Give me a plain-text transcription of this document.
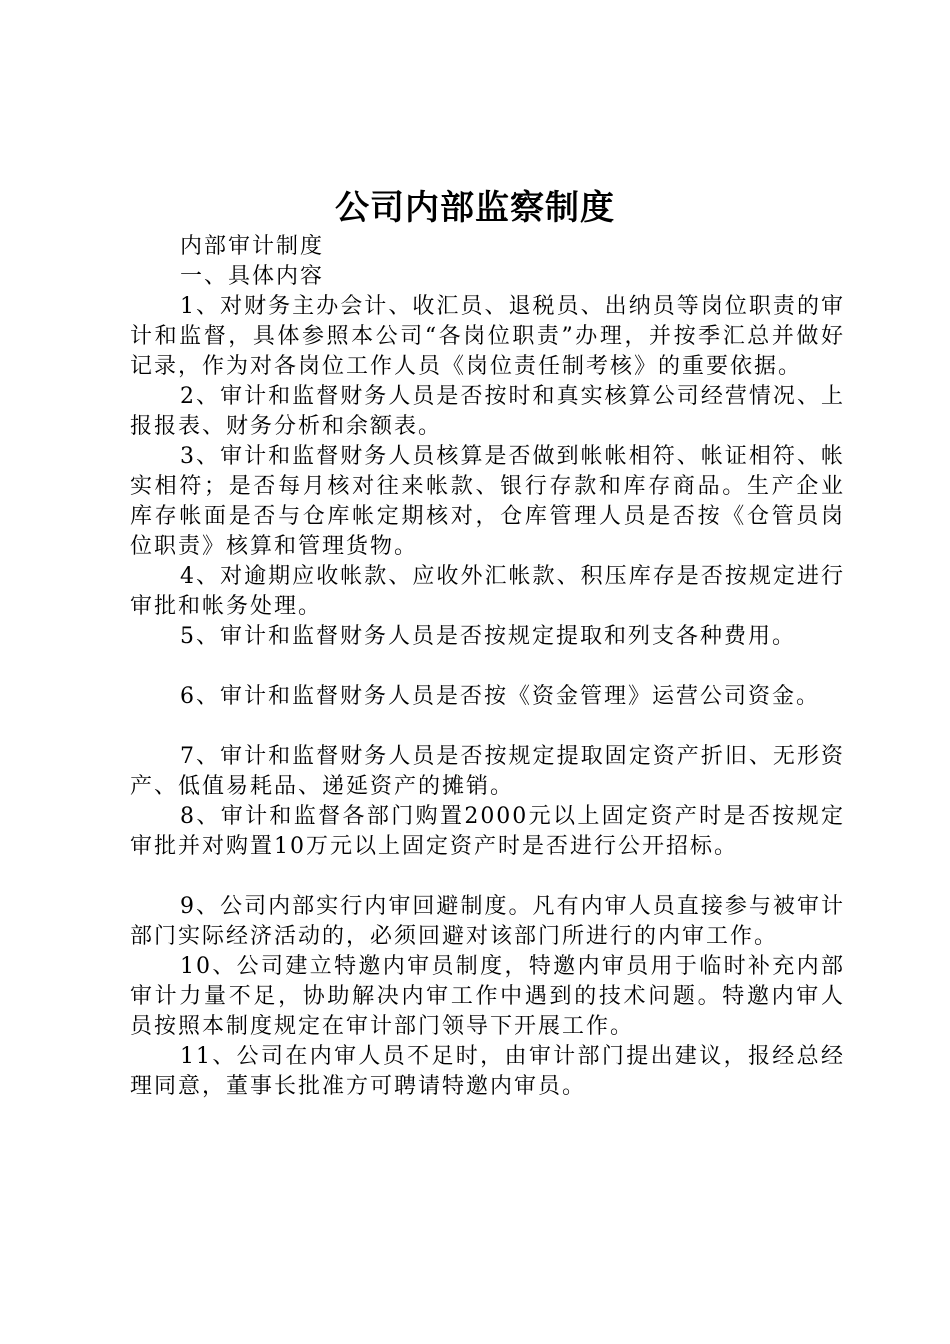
公司内部监察制度

内部审计制度

一、具体内容

1、对财务主办会计、收汇员、退税员、出纳员等岗位职责的审计和监督，具体参照本公司“各岗位职责”办理，并按季汇总并做好记录，作为对各岗位工作人员《岗位责任制考核》的重要依据。

2、审计和监督财务人员是否按时和真实核算公司经营情况、上报报表、财务分析和余额表。

3、审计和监督财务人员核算是否做到帐帐相符、帐证相符、帐实相符；是否每月核对往来帐款、银行存款和库存商品。生产企业库存帐面是否与仓库帐定期核对，仓库管理人员是否按《仓管员岗位职责》核算和管理货物。

4、对逾期应收帐款、应收外汇帐款、积压库存是否按规定进行审批和帐务处理。

5、审计和监督财务人员是否按规定提取和列支各种费用。

6、审计和监督财务人员是否按《资金管理》运营公司资金。

7、审计和监督财务人员是否按规定提取固定资产折旧、无形资产、低值易耗品、递延资产的摊销。

8、审计和监督各部门购置2000元以上固定资产时是否按规定审批并对购置10万元以上固定资产时是否进行公开招标。

9、公司内部实行内审回避制度。凡有内审人员直接参与被审计部门实际经济活动的，必须回避对该部门所进行的内审工作。

10、公司建立特邀内审员制度，特邀内审员用于临时补充内部审计力量不足，协助解决内审工作中遇到的技术问题。特邀内审人员按照本制度规定在审计部门领导下开展工作。

11、公司在内审人员不足时，由审计部门提出建议，报经总经理同意，董事长批准方可聘请特邀内审员。
